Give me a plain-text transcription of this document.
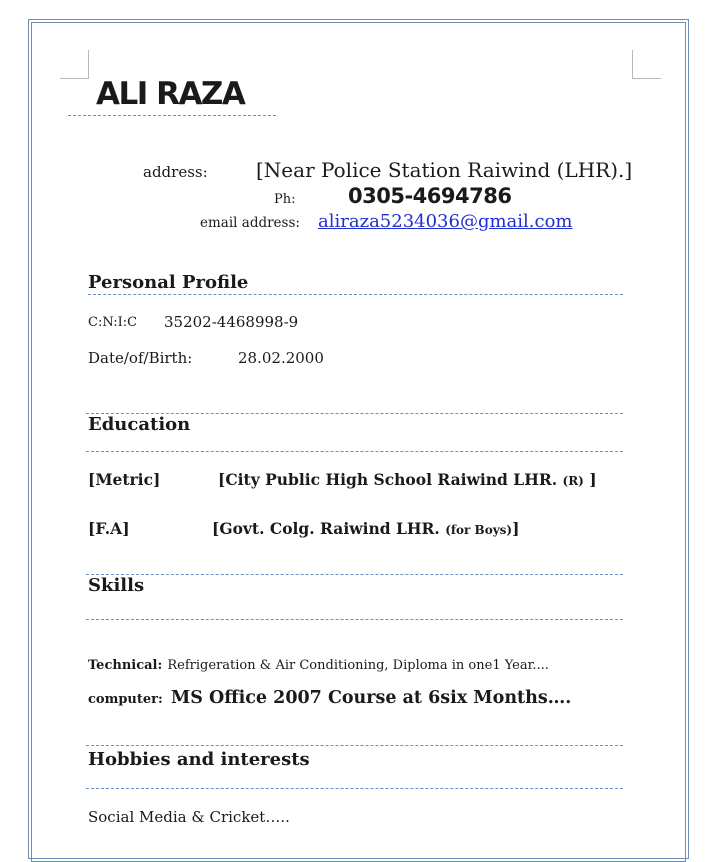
ALI RAZA
address: [Near Police Station Raiwind (LHR).]
Ph:	0305-4694786
email address: aliraza5234036@gmail.com
Personal Profile
C:N:I:C 35202-4468998-9
Date/of/Birth:	28.02.2000
Education
[Metric]	[City Public High School Raiwind LHR. (R) ]
[F.A]	[Govt. Colg. Raiwind LHR. (for Boys)]
Skills
Technical: Refrigeration & Air Conditioning, Diploma in one1 Year....
computer: MS Office 2007 Course at 6six Months….
Hobbies and interests
Social Media & Cricket…..
